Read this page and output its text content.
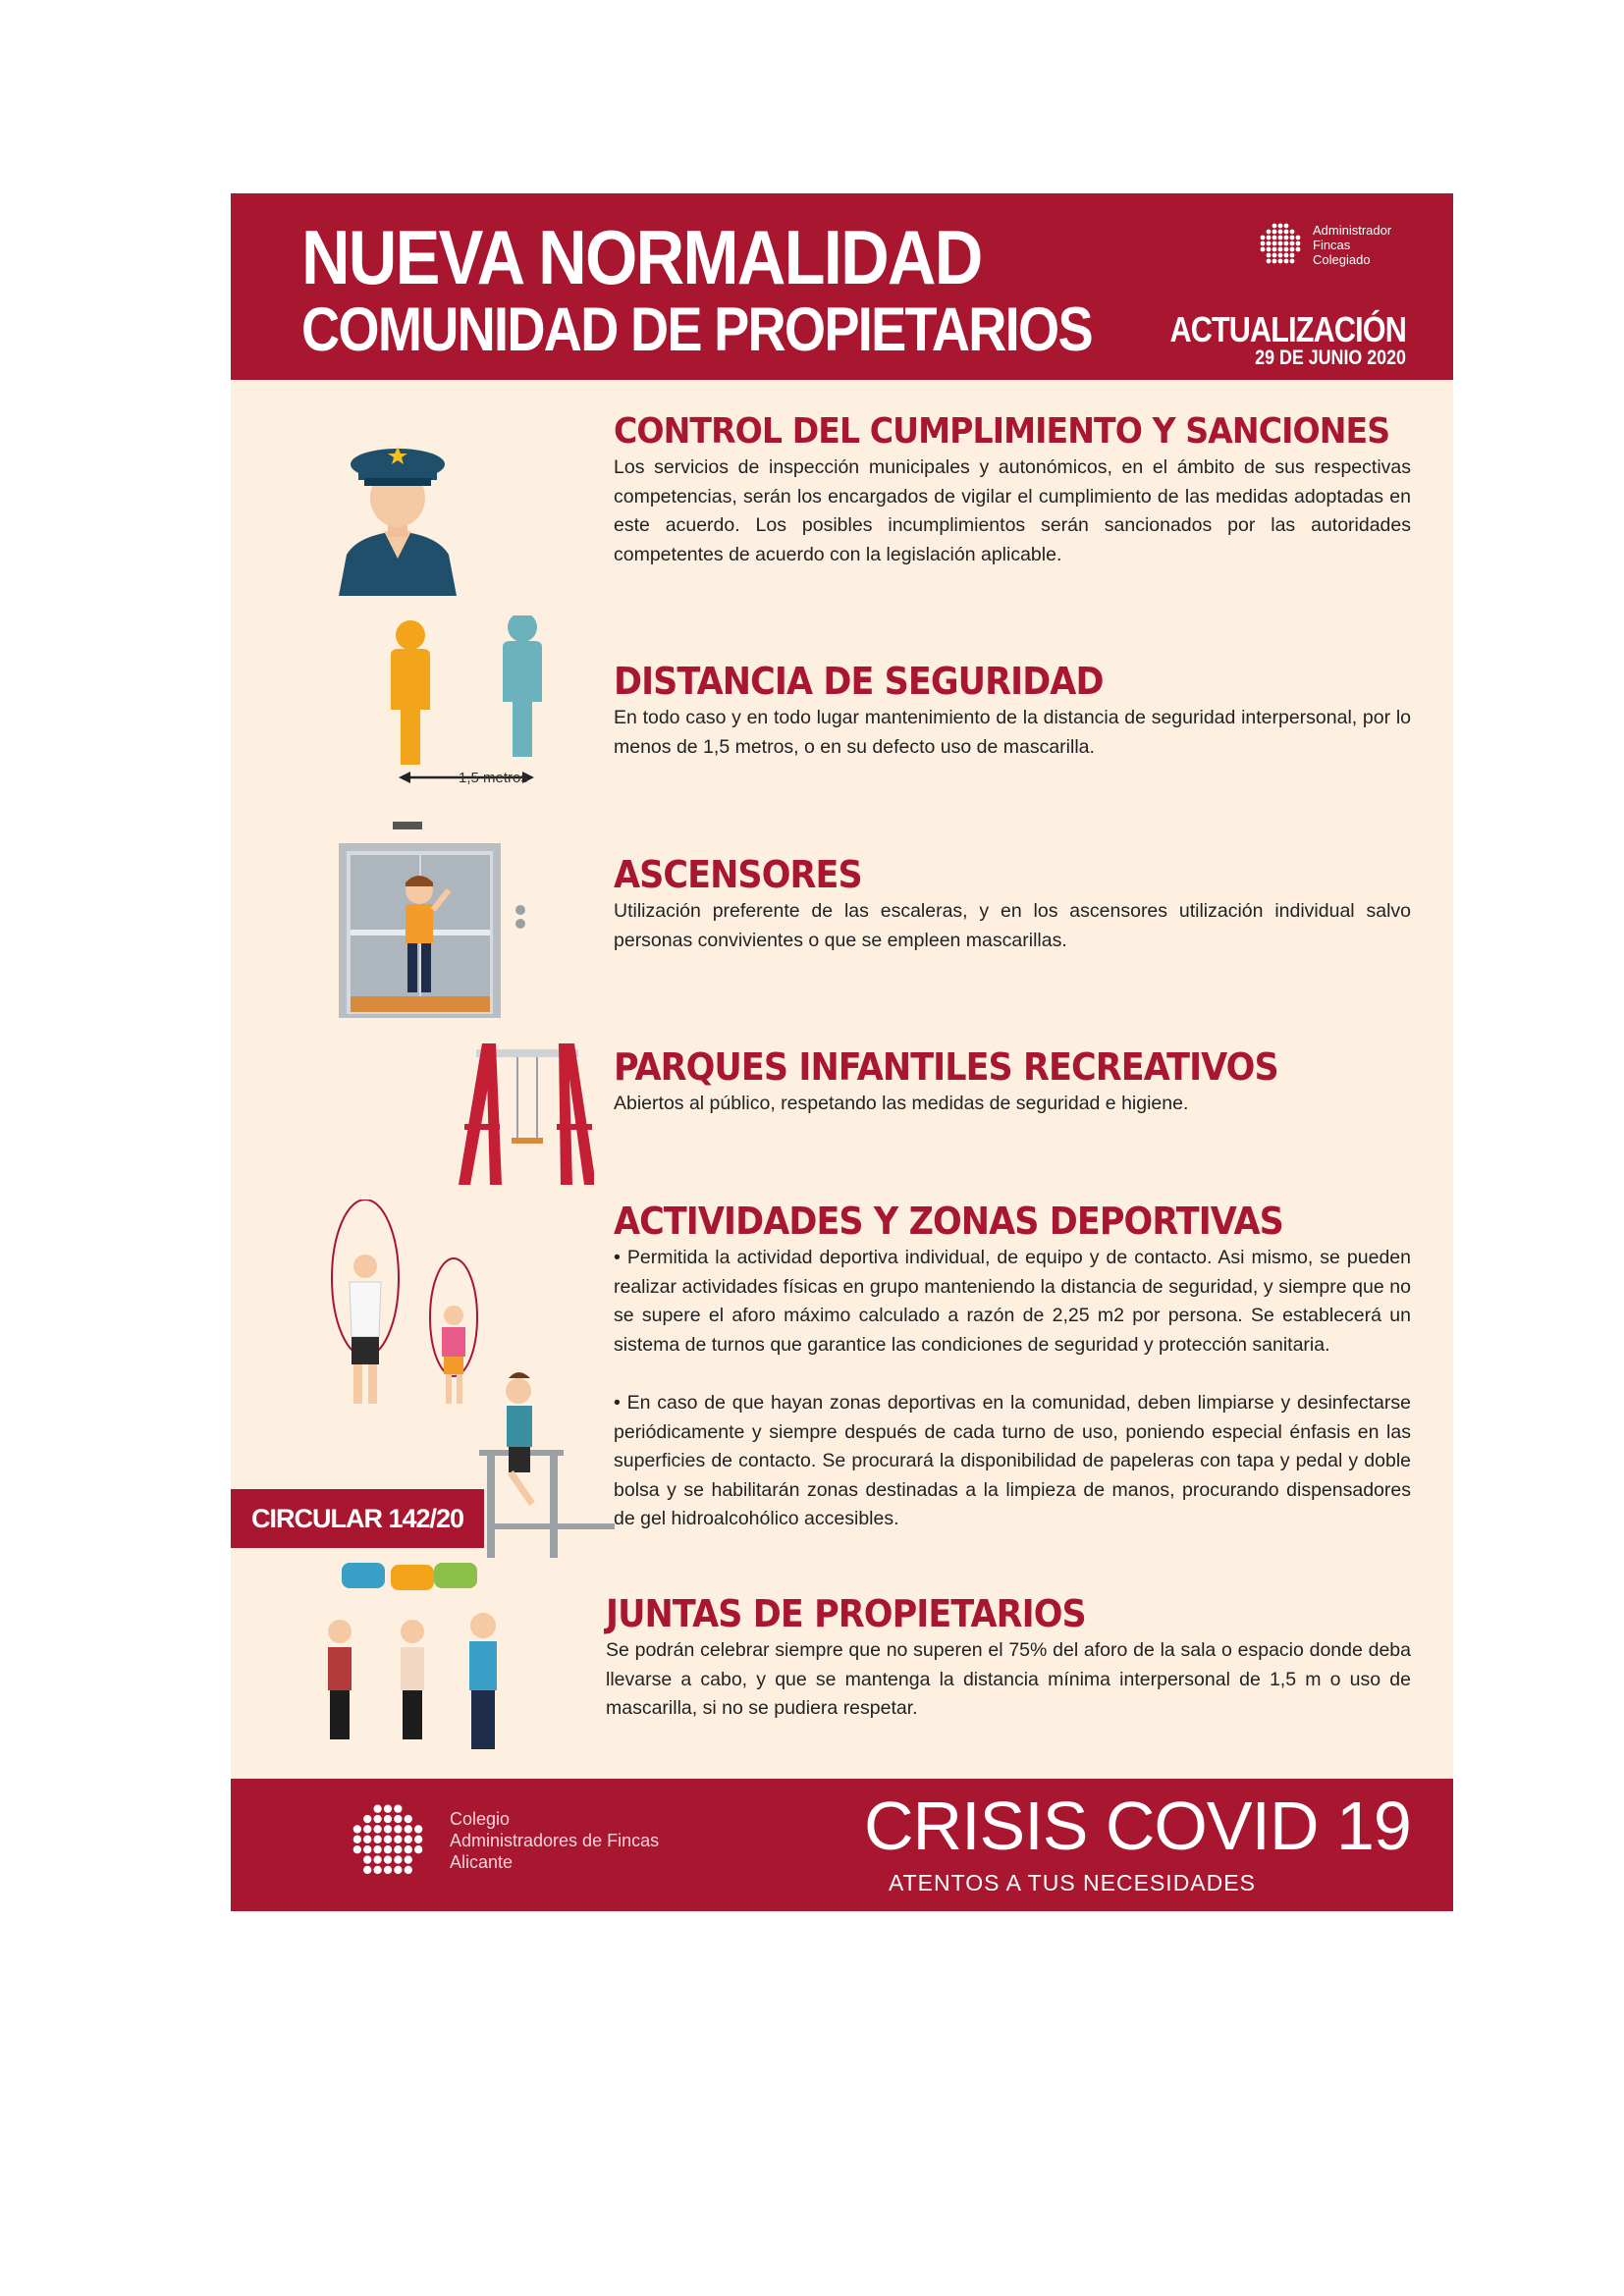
NUEVA NORMALIDAD
COMUNIDAD DE PROPIETARIOS
Administrador
Fincas
Colegiado
ACTUALIZACIÓN
29 DE JUNIO 2020
CONTROL DEL CUMPLIMIENTO Y SANCIONES
Los servicios de inspección municipales y autonómicos, en el ámbito de sus respectivas competencias, serán los encargados de vigilar el cumplimiento de las medidas adoptadas en este acuerdo. Los posibles incumplimientos serán sancionados por las autoridades competentes de acuerdo con la legislación aplicable.
1,5 metros
DISTANCIA DE SEGURIDAD
En todo caso y en todo lugar mantenimiento de la distancia de seguridad interpersonal, por lo menos de 1,5 metros, o en su defecto uso de mascarilla.
ASCENSORES
Utilización preferente de las escaleras, y en los ascensores utilización individual salvo personas convivientes o que se empleen mascarillas.
PARQUES INFANTILES RECREATIVOS
Abiertos al público, respetando las medidas de seguridad e higiene.
ACTIVIDADES Y ZONAS DEPORTIVAS

• Permitida la actividad deportiva individual, de equipo y de contacto. Asi mismo, se pueden realizar actividades físicas en grupo manteniendo la distancia de seguridad, y siempre que no se supere el aforo máximo calculado a razón de 2,25 m2 por persona. Se establecerá un sistema de turnos que garantice las condiciones de seguridad y protección sanitaria.

• En caso de que hayan zonas deportivas en la comunidad, deben limpiarse y desinfectarse periódicamente y siempre después de cada turno de uso, poniendo especial énfasis en las superficies de contacto. Se procurará la disponibilidad de papeleras con tapa y pedal y doble bolsa y se habilitarán zonas destinadas a la limpieza de manos, procurando dispensadores de gel hidroalcohólico accesibles.

CIRCULAR 142/20
JUNTAS DE PROPIETARIOS
Se podrán celebrar siempre que no superen el 75% del aforo de la sala o espacio donde deba llevarse a cabo, y que se mantenga la distancia mínima interpersonal de 1,5 m o uso de mascarilla, si no se pudiera respetar.
Colegio
Administradores de Fincas
Alicante	CRISIS COVID 19
ATENTOS A TUS NECESIDADES
